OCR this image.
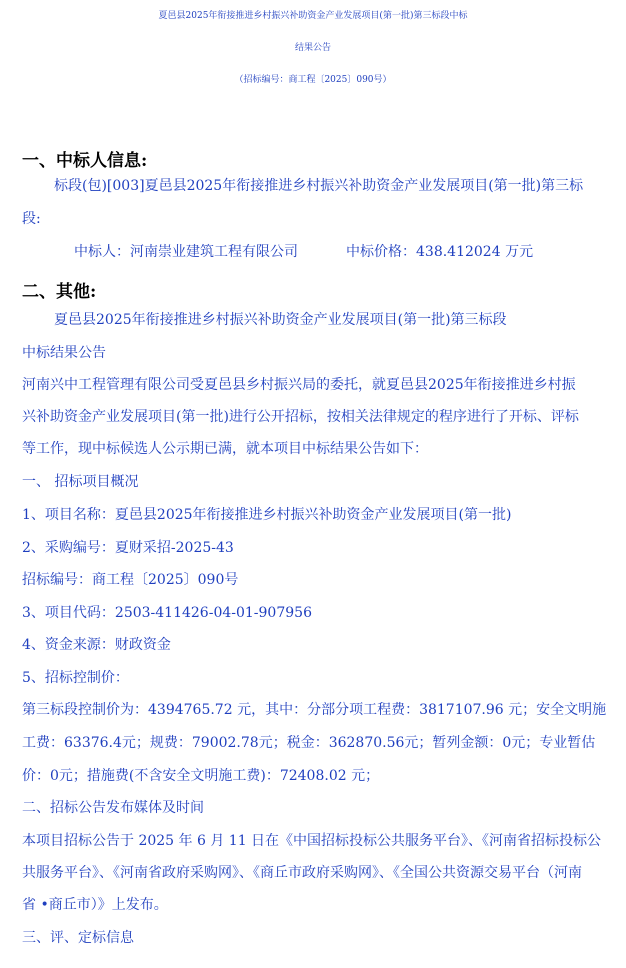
夏邑县2025年衔接推进乡村振兴补助资金产业发展项目(第一批)第三标段中标
结果公告
（招标编号：商工程〔2025〕090号）
一、中标人信息:
标段(包)[003]夏邑县2025年衔接推进乡村振兴补助资金产业发展项目(第一批)第三标
段:
中标人：河南崇业建筑工程有限公司	中标价格：438.412024 万元
二、其他:
夏邑县2025年衔接推进乡村振兴补助资金产业发展项目(第一批)第三标段
中标结果公告
河南兴中工程管理有限公司受夏邑县乡村振兴局的委托，就夏邑县2025年衔接推进乡村振
兴补助资金产业发展项目(第一批)进行公开招标，按相关法律规定的程序进行了开标、评标
等工作，现中标候选人公示期已满，就本项目中标结果公告如下：
一、 招标项目概况
1、项目名称：夏邑县2025年衔接推进乡村振兴补助资金产业发展项目(第一批)
2、采购编号：夏财采招-2025-43
招标编号：商工程〔2025〕090号
3、项目代码：2503-411426-04-01-907956
4、资金来源：财政资金
5、招标控制价：
第三标段控制价为：4394765.72 元，其中：分部分项工程费：3817107.96 元；安全文明施
工费：63376.4元；规费：79002.78元；税金：362870.56元；暂列金额：0元；专业暂估
价：0元；措施费(不含安全文明施工费)：72408.02 元；
二、招标公告发布媒体及时间
本项目招标公告于 2025 年 6 月 11 日在《中国招标投标公共服务平台》、《河南省招标投标公
共服务平台》、《河南省政府采购网》、《商丘市政府采购网》、《全国公共资源交易平台（河南
省 •商丘市）》上发布。
三、评、定标信息
